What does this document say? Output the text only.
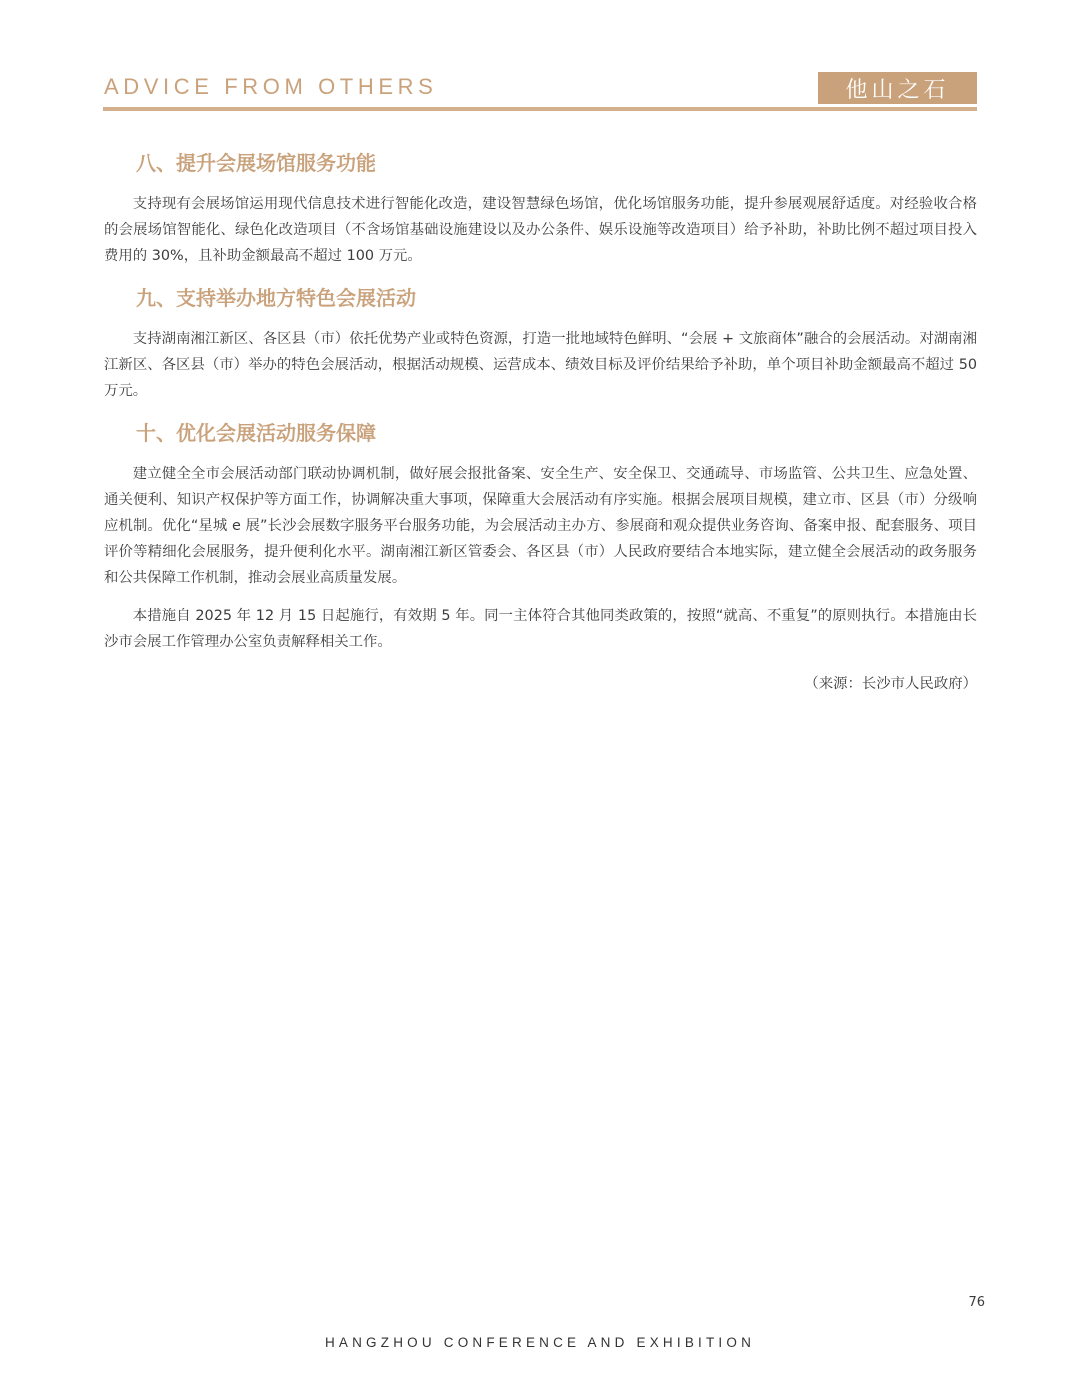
ADVICE FROM OTHERS	他山之石
八、提升会展场馆服务功能

支持现有会展场馆运用现代信息技术进行智能化改造，建设智慧绿色场馆，优化场馆服务功能，提升参展观展舒适度。对经验收合格的会展场馆智能化、绿色化改造项目（不含场馆基础设施建设以及办公条件、娱乐设施等改造项目）给予补助，补助比例不超过项目投入费用的 30%，且补助金额最高不超过 100 万元。

九、支持举办地方特色会展活动

支持湖南湘江新区、各区县（市）依托优势产业或特色资源，打造一批地域特色鲜明、“会展 + 文旅商体”融合的会展活动。对湖南湘江新区、各区县（市）举办的特色会展活动，根据活动规模、运营成本、绩效目标及评价结果给予补助，单个项目补助金额最高不超过 50 万元。

十、优化会展活动服务保障

建立健全全市会展活动部门联动协调机制，做好展会报批备案、安全生产、安全保卫、交通疏导、市场监管、公共卫生、应急处置、通关便利、知识产权保护等方面工作，协调解决重大事项，保障重大会展活动有序实施。根据会展项目规模，建立市、区县（市）分级响应机制。优化“星城 e 展”长沙会展数字服务平台服务功能，为会展活动主办方、参展商和观众提供业务咨询、备案申报、配套服务、项目评价等精细化会展服务，提升便利化水平。湖南湘江新区管委会、各区县（市）人民政府要结合本地实际，建立健全会展活动的政务服务和公共保障工作机制，推动会展业高质量发展。

本措施自 2025 年 12 月 15 日起施行，有效期 5 年。同一主体符合其他同类政策的，按照“就高、不重复”的原则执行。本措施由长沙市会展工作管理办公室负责解释相关工作。

（来源：长沙市人民政府）
76
HANGZHOU CONFERENCE AND EXHIBITION
